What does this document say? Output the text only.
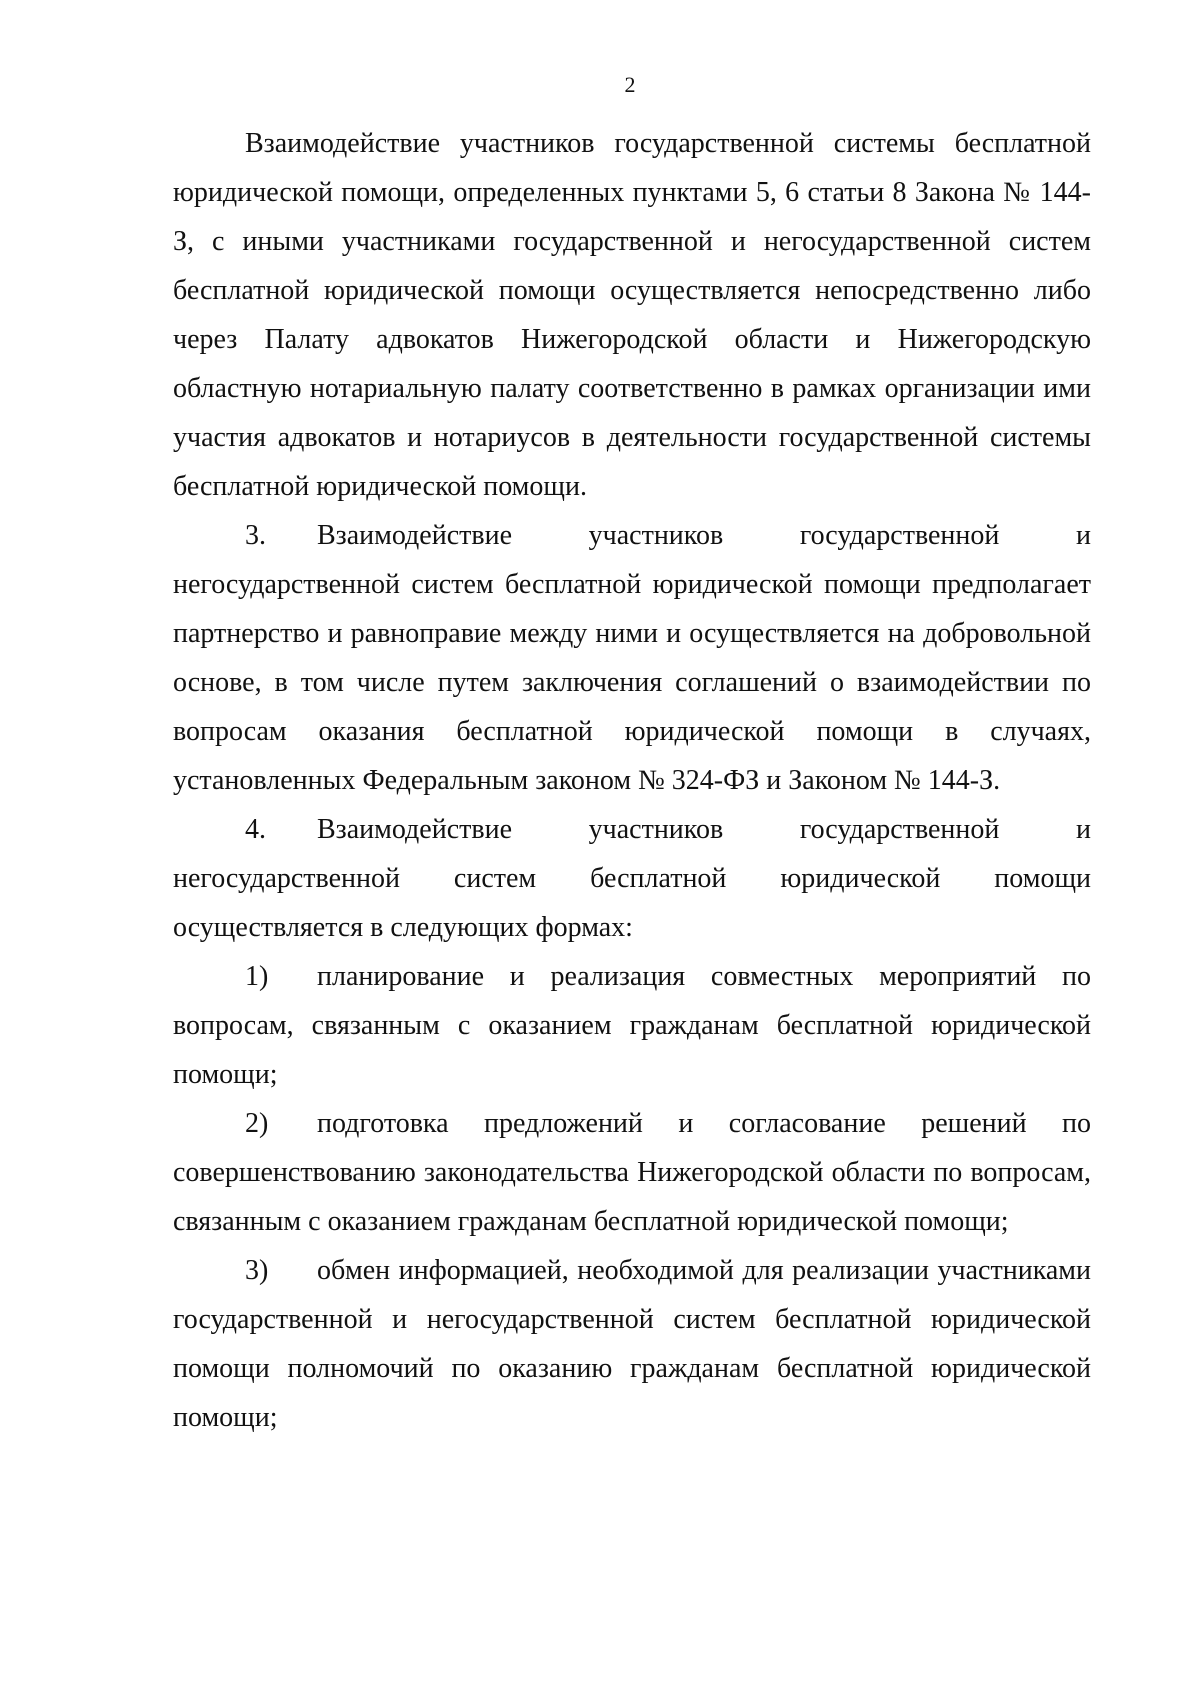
2

Взаимодействие участников государственной системы бесплатной юридической помощи, определенных пунктами 5, 6 статьи 8 Закона № 144-З, с иными участниками государственной и негосударственной систем бесплатной юридической помощи осуществляется непосредственно либо через Палату адвокатов Нижегородской области и Нижегородскую областную нотариальную палату соответственно в рамках организации ими участия адвокатов и нотариусов в деятельности государственной системы бесплатной юридической помощи.

3. Взаимодействие участников государственной и негосударственной систем бесплатной юридической помощи предполагает партнерство и равноправие между ними и осуществляется на добровольной основе, в том числе путем заключения соглашений о взаимодействии по вопросам оказания бесплатной юридической помощи в случаях, установленных Федеральным законом № 324-ФЗ и Законом № 144-З.

4. Взаимодействие участников государственной и негосударственной систем бесплатной юридической помощи осуществляется в следующих формах:

1) планирование и реализация совместных мероприятий по вопросам, связанным с оказанием гражданам бесплатной юридической помощи;

2) подготовка предложений и согласование решений по совершенствованию законодательства Нижегородской области по вопросам, связанным с оказанием гражданам бесплатной юридической помощи;

3) обмен информацией, необходимой для реализации участниками государственной и негосударственной систем бесплатной юридической помощи полномочий по оказанию гражданам бесплатной юридической помощи;
